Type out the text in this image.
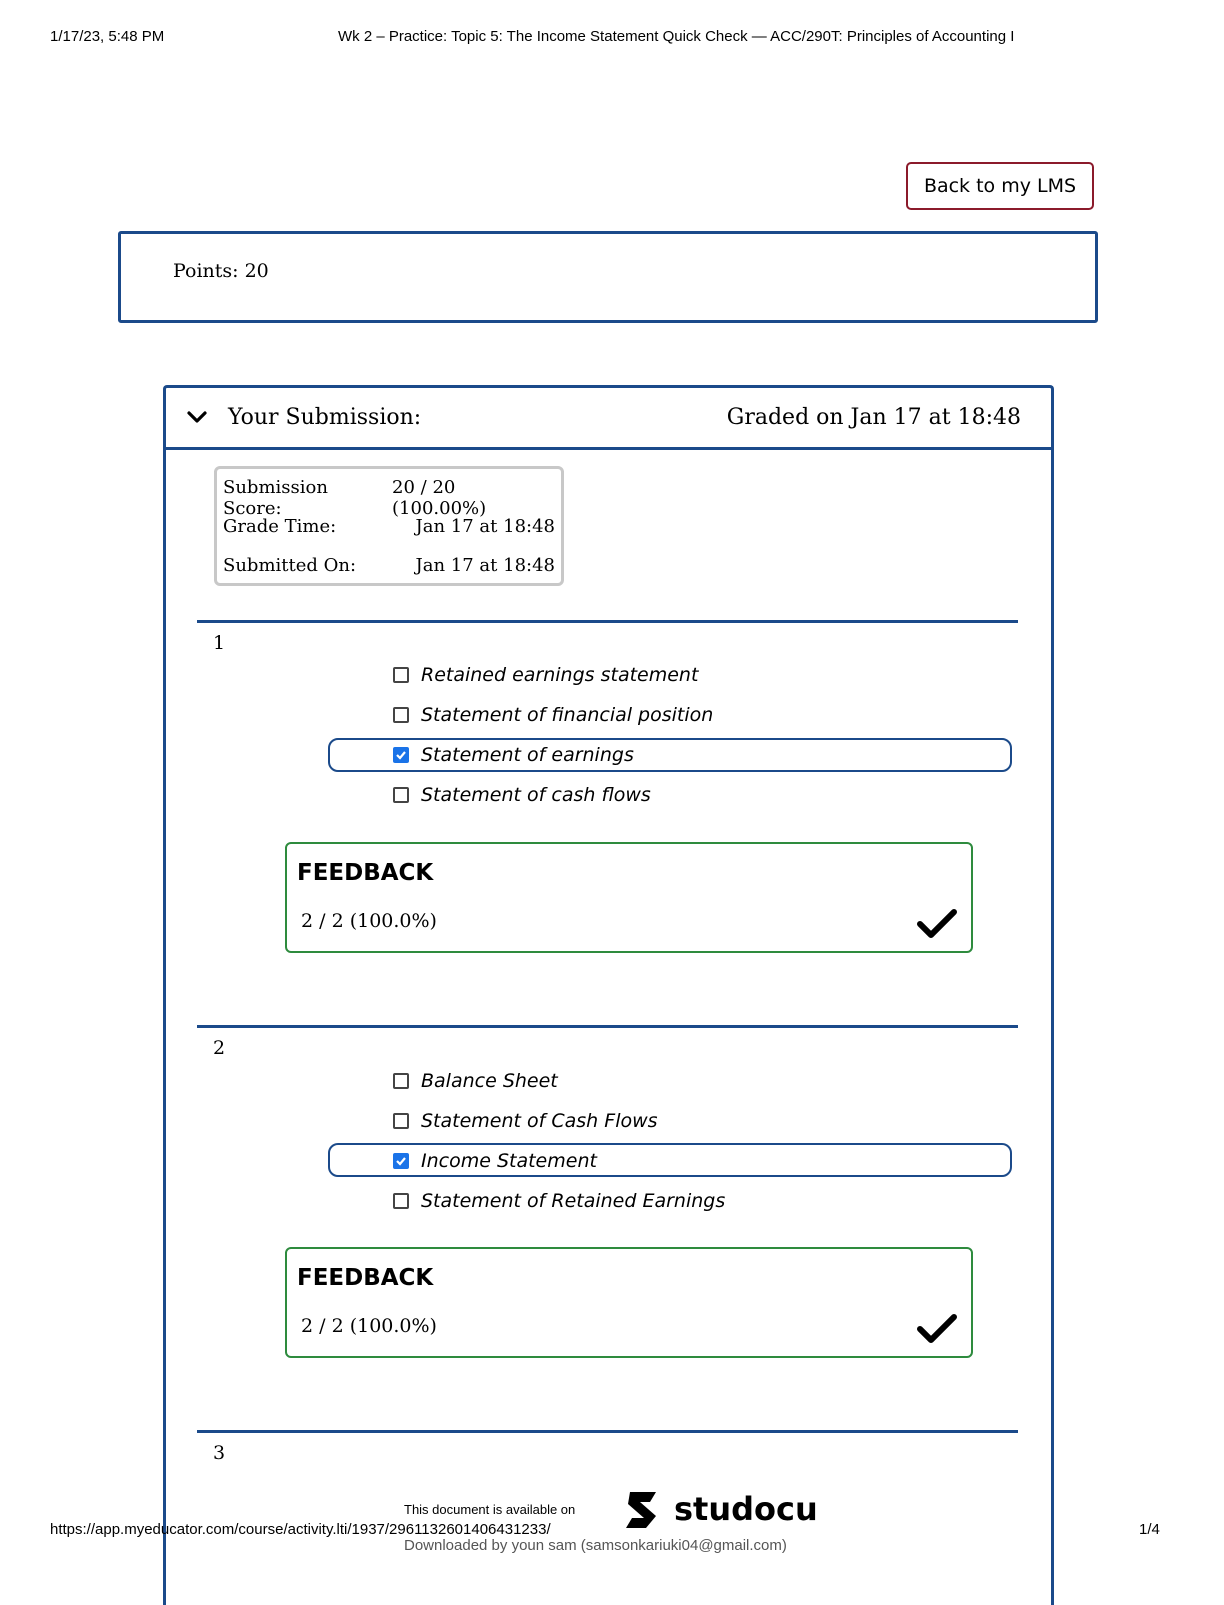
1/17/23, 5:48 PM	Wk 2 – Practice: Topic 5: The Income Statement Quick Check — ACC/290T: Principles of Accounting I
Back to my LMS
Points: 20
Your Submission:	Graded on Jan 17 at 18:48
Submission Score:
20 / 20 (100.00%)
Grade Time:	Jan 17 at 18:48
Submitted On:	Jan 17 at 18:48
1
Retained earnings statement
Statement of financial position
Statement of earnings
Statement of cash flows
FEEDBACK
2 / 2 (100.0%)
2
Balance Sheet
Statement of Cash Flows
Income Statement
Statement of Retained Earnings
FEEDBACK
2 / 2 (100.0%)
3
This document is available on	studocu
https://app.myeducator.com/course/activity.lti/1937/2961132601406431233/	1/4
Downloaded by youn sam (samsonkariuki04@gmail.com)
